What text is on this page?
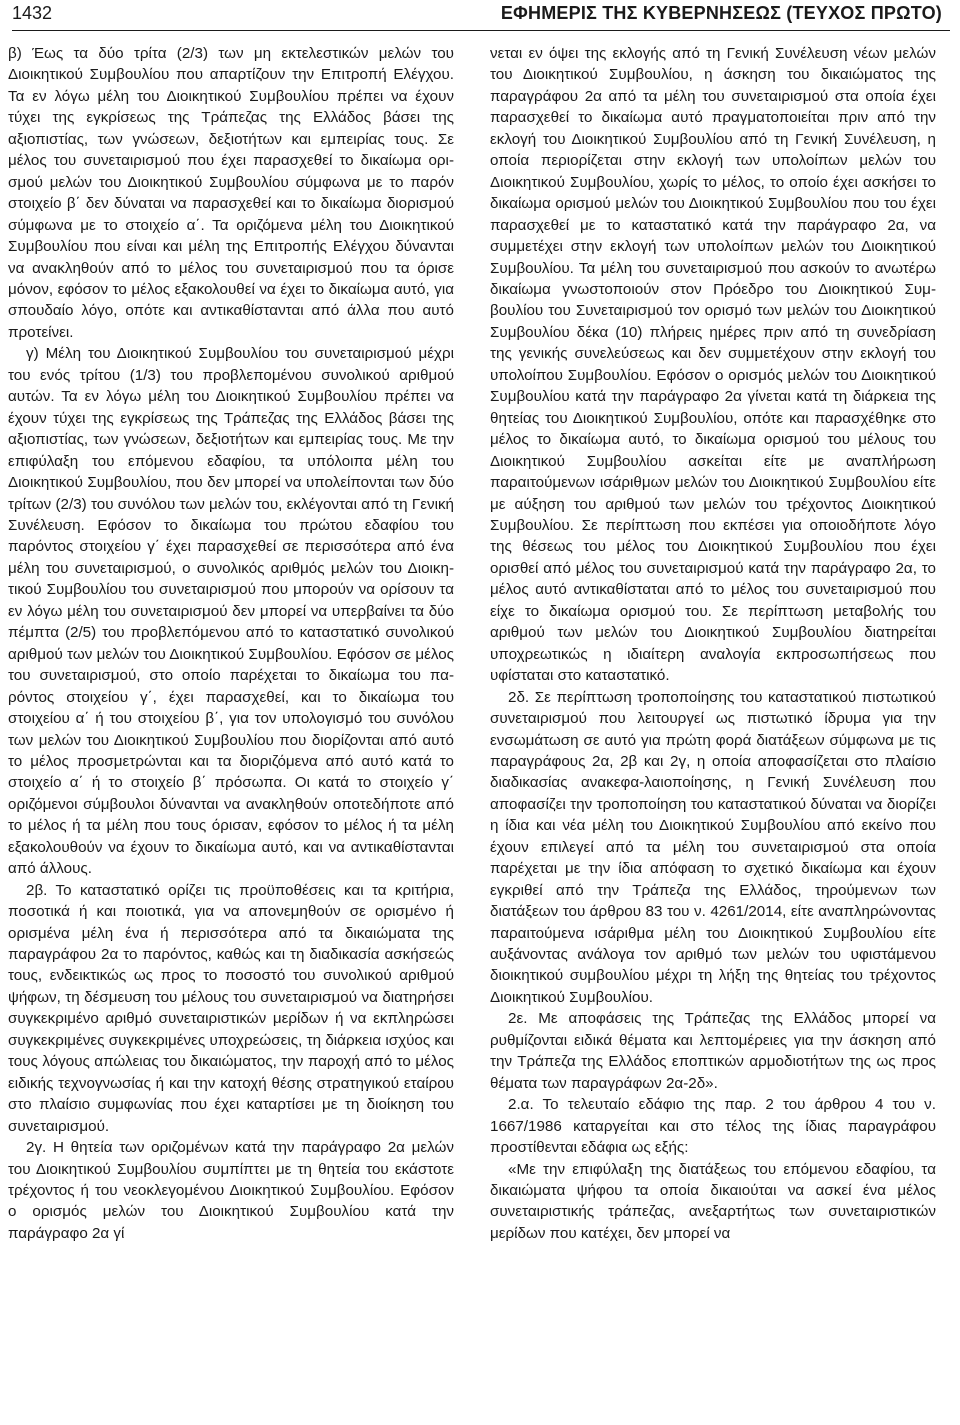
1432	ΕΦΗΜΕΡΙΣ ΤΗΣ ΚΥΒΕΡΝΗΣΕΩΣ (ΤΕΥΧΟΣ ΠΡΩΤΟ)

β) Έως τα δύο τρίτα (2/3) των μη εκτελεστικών μελών του Διοικητικού Συμβουλίου που απαρτίζουν την Επιτροπή Ελέγχου. Τα εν λόγω μέλη του Διοικητικού Συμβουλίου πρέπει να έχουν τύχει της εγκρίσεως της Τράπεζας της Ελλάδος βάσει της αξιοπιστίας, των γνώσεων, δεξιοτήτων και εμπειρίας τους. Σε μέλος του συνεταιρισμού που έχει παρασχεθεί το δικαίωμα ορισμού μελών του Διοικητικού Συμβουλίου σύμφωνα με το παρόν στοιχείο β΄ δεν δύναται να παρασχεθεί και το δικαίωμα διορισμού σύμφωνα με το στοιχείο α΄. Τα οριζόμενα μέλη του Διοικητικού Συμβουλίου που είναι και μέλη της Επιτροπής Ελέγχου δύνανται να ανακληθούν από το μέλος του συνεταιρισμού που τα όρισε μόνον, εφόσον το μέλος εξακολουθεί να έχει το δικαίωμα αυτό, για σπουδαίο λόγο, οπότε και αντικαθίστανται από άλλα που αυτό προτείνει.

γ) Μέλη του Διοικητικού Συμβουλίου του συνεταιρισμού μέχρι του ενός τρίτου (1/3) του προβλεπομένου συνολικού αριθμού αυτών. Τα εν λόγω μέλη του Διοικητικού Συμβουλίου πρέπει να έχουν τύχει της εγκρίσεως της Τράπεζας της Ελλάδος βάσει της αξιοπιστίας, των γνώσεων, δεξιοτήτων και εμπειρίας τους. Με την επιφύλαξη του επόμενου εδαφίου, τα υπόλοιπα μέλη του Διοικητικού Συμβουλίου, που δεν μπορεί να υπολείπονται των δύο τρίτων (2/3) του συνόλου των μελών του, εκλέγονται από τη Γενική Συνέλευση. Εφόσον το δικαίωμα του πρώτου εδαφίου του παρόντος στοιχείου γ΄ έχει παρασχεθεί σε περισσότερα από ένα μέλη του συνεταιρισμού, ο συνολικός αριθμός μελών του Διοικητικού Συμβουλίου του συνεταιρισμού που μπορούν να ορίσουν τα εν λόγω μέλη του συνεταιρισμού δεν μπορεί να υπερβαίνει τα δύο πέμπτα (2/5) του προβλεπόμενου από το καταστατικό συνολικού αριθμού των μελών του Διοικητικού Συμβουλίου. Εφόσον σε μέλος του συνεταιρισμού, στο οποίο παρέχεται το δικαίωμα του παρόντος στοιχείου γ΄, έχει παρασχεθεί, και το δικαίωμα του στοιχείου α΄ ή του στοιχείου β΄, για τον υπολογισμό του συνόλου των μελών του Διοικητικού Συμβουλίου που διορίζονται από αυτό το μέλος προσμετρώνται και τα διοριζόμενα από αυτό κατά το στοιχείο α΄ ή το στοιχείο β΄ πρόσωπα. Οι κατά το στοιχείο γ΄ οριζόμενοι σύμβουλοι δύνανται να ανακληθούν οποτεδήποτε από το μέλος ή τα μέλη που τους όρισαν, εφόσον το μέλος ή τα μέλη εξακολουθούν να έχουν το δικαίωμα αυτό, και να αντικαθίστανται από άλλους.

2β. Το καταστατικό ορίζει τις προϋποθέσεις και τα κριτήρια, ποσοτικά ή και ποιοτικά, για να απονεμηθούν σε ορισμένο ή ορισμένα μέλη ένα ή περισσότερα από τα δικαιώματα της παραγράφου 2α το παρόντος, καθώς και τη διαδικασία ασκήσεώς τους, ενδεικτικώς ως προς το ποσοστό του συνολικού αριθμού ψήφων, τη δέσμευση του μέλους του συνεταιρισμού να διατηρήσει συγκεκριμένο αριθμό συνεταιριστικών μερίδων ή να εκπληρώσει συγκεκριμένες συγκεκριμένες υποχρεώσεις, τη διάρκεια ισχύος και τους λόγους απώλειας του δικαιώματος, την παροχή από το μέλος ειδικής τεχνογνωσίας ή και την κατοχή θέσης στρατηγικού εταίρου στο πλαίσιο συμφωνίας που έχει καταρτίσει με τη διοίκηση του συνεταιρισμού.

2γ. Η θητεία των οριζομένων κατά την παράγραφο 2α μελών του Διοικητικού Συμβουλίου συμπίπτει με τη θητεία του εκάστοτε τρέχοντος ή του νεοκλεγομένου Διοικητικού Συμβουλίου. Εφόσον ο ορισμός μελών του Διοικητικού Συμβουλίου κατά την παράγραφο 2α γί

νεται εν όψει της εκλογής από τη Γενική Συνέλευση νέων μελών του Διοικητικού Συμβουλίου, η άσκηση του δικαιώματος της παραγράφου 2α από τα μέλη του συνεταιρισμού στα οποία έχει παρασχεθεί το δικαίωμα αυτό πραγματοποιείται πριν από την εκλογή του Διοικητικού Συμβουλίου από τη Γενική Συνέλευση, η οποία περιορίζεται στην εκλογή των υπολοίπων μελών του Διοικητικού Συμβουλίου, χωρίς το μέλος, το οποίο έχει ασκήσει το δικαίωμα ορισμού μελών του Διοικητικού Συμβουλίου που του έχει παρασχεθεί με το καταστατικό κατά την παράγραφο 2α, να συμμετέχει στην εκλογή των υπολοίπων μελών του Διοικητικού Συμβουλίου. Τα μέλη του συνεταιρισμού που ασκούν το ανωτέρω δικαίωμα γνωστοποιούν στον Πρόεδρο του Διοικητικού Συμβουλίου του Συνεταιρισμού τον ορισμό των μελών του Διοικητικού Συμβουλίου δέκα (10) πλήρεις ημέρες πριν από τη συνεδρίαση της γενικής συνελεύσεως και δεν συμμετέχουν στην εκλογή του υπολοίπου Συμβουλίου. Εφόσον ο ορισμός μελών του Διοικητικού Συμβουλίου κατά την παράγραφο 2α γίνεται κατά τη διάρκεια της θητείας του Διοικητικού Συμβουλίου, οπότε και παρασχέθηκε στο μέλος το δικαίωμα αυτό, το δικαίωμα ορισμού του μέλους του Διοικητικού Συμβουλίου ασκείται είτε με αναπλήρωση παραιτούμενων ισάριθμων μελών του Διοικητικού Συμβουλίου είτε με αύξηση του αριθμού των μελών του τρέχοντος Διοικητικού Συμβουλίου. Σε περίπτωση που εκπέσει για οποιοδήποτε λόγο της θέσεως του μέλος του Διοικητικού Συμβουλίου που έχει ορισθεί από μέλος του συνεταιρισμού κατά την παράγραφο 2α, το μέλος αυτό αντικαθίσταται από το μέλος του συνεταιρισμού που είχε το δικαίωμα ορισμού του. Σε περίπτωση μεταβολής του αριθμού των μελών του Διοικητικού Συμβουλίου διατηρείται υποχρεωτικώς η ιδιαίτερη αναλογία εκπροσωπήσεως που υφίσταται στο καταστατικό.

2δ. Σε περίπτωση τροποποίησης του καταστατικού πιστωτικού συνεταιρισμού που λειτουργεί ως πιστωτικό ίδρυμα για την ενσωμάτωση σε αυτό για πρώτη φορά διατάξεων σύμφωνα με τις παραγράφους 2α, 2β και 2γ, η οποία αποφασίζεται στο πλαίσιο διαδικασίας ανακεφα-λαιοποίησης, η Γενική Συνέλευση που αποφασίζει την τροποποίηση του καταστατικού δύναται να διορίζει η ίδια και νέα μέλη του Διοικητικού Συμβουλίου από εκείνο που έχουν επιλεγεί από τα μέλη του συνεταιρισμού στα οποία παρέχεται με την ίδια απόφαση το σχετικό δικαίωμα και έχουν εγκριθεί από την Τράπεζα της Ελλάδος, τηρούμενων των διατάξεων του άρθρου 83 του ν. 4261/2014, είτε αναπληρώνοντας παραιτούμενα ισάριθμα μέλη του Διοικητικού Συμβουλίου είτε αυξάνοντας ανάλογα τον αριθμό των μελών του υφιστάμενου διοικητικού συμβουλίου μέχρι τη λήξη της θητείας του τρέχοντος Διοικητικού Συμβουλίου.

2ε. Με αποφάσεις της Τράπεζας της Ελλάδος μπορεί να ρυθμίζονται ειδικά θέματα και λεπτομέρειες για την άσκηση από την Τράπεζα της Ελλάδος εποπτικών αρμοδιοτήτων της ως προς θέματα των παραγράφων 2α-2δ».

2.α. Το τελευταίο εδάφιο της παρ. 2 του άρθρου 4 του ν. 1667/1986 καταργείται και στο τέλος της ίδιας παραγράφου προστίθενται εδάφια ως εξής:

«Με την επιφύλαξη της διατάξεως του επόμενου εδαφίου, τα δικαιώματα ψήφου τα οποία δικαιούται να ασκεί ένα μέλος συνεταιριστικής τράπεζας, ανεξαρτήτως των συνεταιριστικών μερίδων που κατέχει, δεν μπορεί να
